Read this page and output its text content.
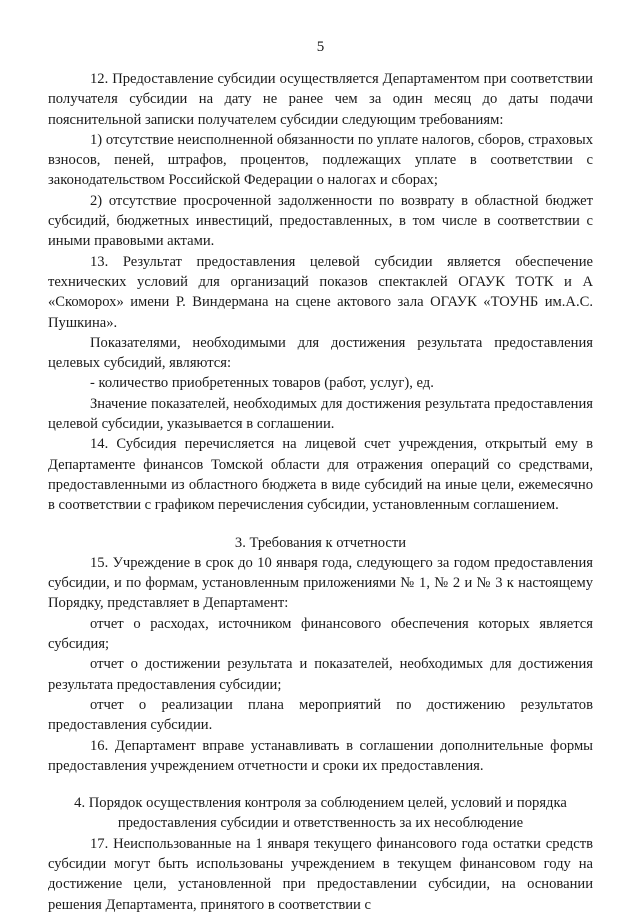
5

12. Предоставление субсидии осуществляется Департаментом при соответствии получателя субсидии на дату не ранее чем за один месяц до даты подачи пояснительной записки получателем субсидии следующим требованиям:

1) отсутствие неисполненной обязанности по уплате налогов, сборов, страховых взносов, пеней, штрафов, процентов, подлежащих уплате в соответствии с законодательством Российской Федерации о налогах и сборах;

2) отсутствие просроченной задолженности по возврату в областной бюджет субсидий, бюджетных инвестиций, предоставленных, в том числе в соответствии с иными правовыми актами.

13. Результат предоставления целевой субсидии является обеспечение технических условий для организаций показов спектаклей ОГАУК ТОТК и А «Скоморох» имени Р. Виндермана на сцене актового зала ОГАУК «ТОУНБ им.А.С. Пушкина».

Показателями, необходимыми для достижения результата предоставления целевых субсидий, являются:

- количество приобретенных товаров (работ, услуг), ед.

Значение показателей, необходимых для достижения результата предоставления целевой субсидии, указывается в соглашении.

14. Субсидия перечисляется на лицевой счет учреждения, открытый ему в Департаменте финансов Томской области для отражения операций со средствами, предоставленными из областного бюджета в виде субсидий на иные цели, ежемесячно в соответствии с графиком перечисления субсидии, установленным соглашением.

3. Требования к отчетности

15. Учреждение в срок до 10 января года, следующего за годом предоставления субсидии, и по формам, установленным приложениями № 1, № 2 и № 3 к настоящему Порядку, представляет в Департамент:

отчет о расходах, источником финансового обеспечения которых является субсидия;

отчет о достижении результата и показателей, необходимых для достижения результата предоставления субсидии;

отчет о реализации плана мероприятий по достижению результатов предоставления субсидии.

16. Департамент вправе устанавливать в соглашении дополнительные формы предоставления учреждением отчетности и сроки их предоставления.

4. Порядок осуществления контроля за соблюдением целей, условий и порядка предоставления субсидии и ответственность за их несоблюдение

17. Неиспользованные на 1 января текущего финансового года остатки средств субсидии могут быть использованы учреждением в текущем финансовом году на достижение цели, установленной при предоставлении субсидии, на основании решения Департамента, принятого в соответствии с
